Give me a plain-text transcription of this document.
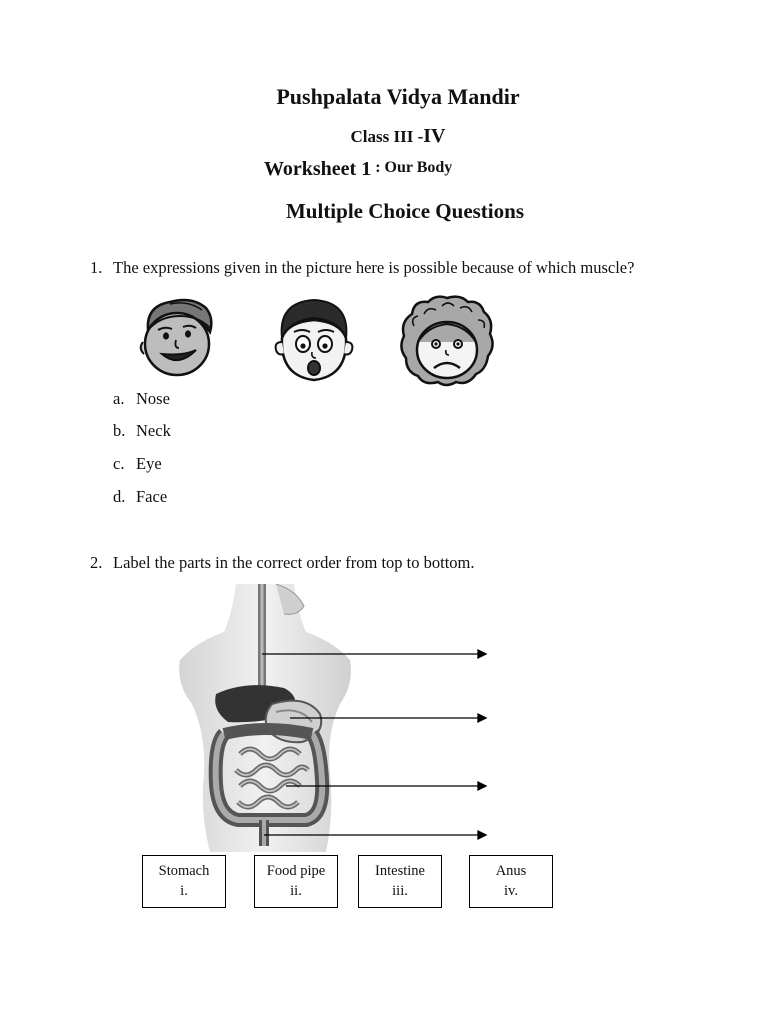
Pushpalata Vidya Mandir
Class III -IV
Worksheet 1 : Our Body
Multiple Choice Questions
1. The expressions given in the picture here is possible because of which muscle?
a. Nose
b. Neck
c. Eye
d. Face
2. Label the parts in the correct order from top to bottom.
Stomach
i.
Food pipe
ii.
Intestine
iii.
Anus
iv.
